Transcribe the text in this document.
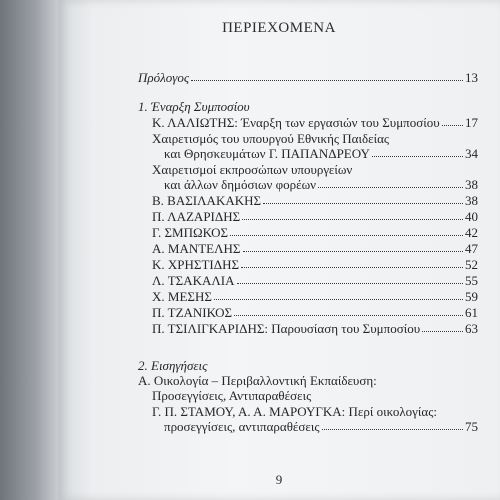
ΠΕΡΙΕΧΟΜΕΝΑ
Πρόλογος	13
1. Έναρξη Συμποσίου
Κ. ΛΑΛΙΩΤΗΣ: Έναρξη των εργασιών του Συμποσίου 17
Χαιρετισμός του υπουργού Εθνικής Παιδείας
και Θρησκευμάτων Γ. ΠΑΠΑΝΔΡΕΟΥ	34
Χαιρετισμοί εκπροσώπων υπουργείων
και άλλων δημόσιων φορέων	38
Β. ΒΑΣΙΛΑΚΑΚΗΣ	38
Π. ΛΑΖΑΡΙΔΗΣ	40
Γ. ΣΜΠΩΚΟΣ	42
Α. ΜΑΝΤΕΛΗΣ	47
Κ. ΧΡΗΣΤΙΔΗΣ	52
Λ. ΤΣΑΚΑΛΙΑ	55
Χ. ΜΕΣΗΣ	59
Π. ΤΖΑΝΙΚΟΣ	61
Π. ΤΣΙΛΙΓΚΑΡΙΔΗΣ: Παρουσίαση του Συμποσίου	63
2. Εισηγήσεις
Α. Οικολογία – Περιβαλλοντική Εκπαίδευση:
Προσεγγίσεις, Αντιπαραθέσεις
Γ. Π. ΣΤΑΜΟΥ, Α. Α. ΜΑΡΟΥΓΚΑ: Περί οικολογίας:
προσεγγίσεις, αντιπαραθέσεις	75
9
